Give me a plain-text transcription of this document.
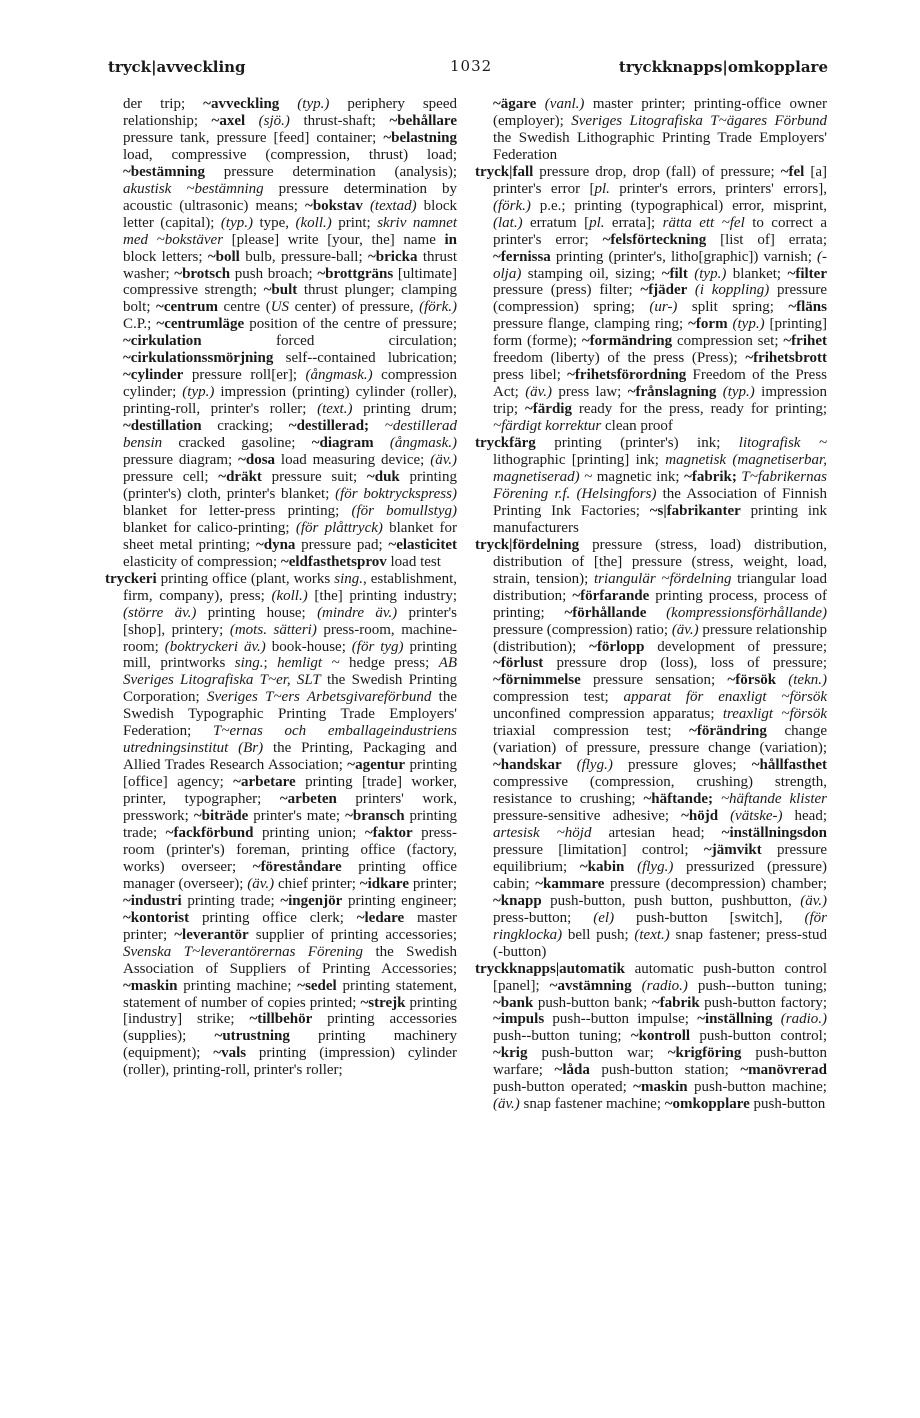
tryck|avveckling	1032	tryckknapps|omkopplare

der trip; ~avveckling (typ.) periphery speed relationship; ~axel (sjö.) thrust-shaft; ~behållare pressure tank, pressure [feed] container; ~belastning load, compressive (compression, thrust) load; ~bestämning pressure determination (analysis); akustisk ~bestämning pressure determination by acoustic (ultrasonic) means; ~bokstav (textad) block letter (capital); (typ.) type, (koll.) print; skriv namnet med ~bokstäver [please] write [your, the] name in block letters; ~boll bulb, pressure-ball; ~bricka thrust washer; ~brotsch push broach; ~brottgräns [ultimate] compressive strength; ~bult thrust plunger; clamping bolt; ~centrum centre (US center) of pressure, (förk.) C.P.; ~centrumläge position of the centre of pressure; ~cirkulation forced circulation; ~cirkulationssmörjning self--contained lubrication; ~cylinder pressure roll[er]; (ångmask.) compression cylinder; (typ.) impression (printing) cylinder (roller), printing-roll, printer's roller; (text.) printing drum; ~destillation cracking; ~destillerad; ~destillerad bensin cracked gasoline; ~diagram (ångmask.) pressure diagram; ~dosa load measuring device; (äv.) pressure cell; ~dräkt pressure suit; ~duk printing (printer's) cloth, printer's blanket; (för boktryckspress) blanket for letter-press printing; (för bomullstyg) blanket for calico-printing; (för plåttryck) blanket for sheet metal printing; ~dyna pressure pad; ~elasticitet elasticity of compression; ~eldfasthetsprov load test

tryckeri printing office (plant, works sing., establishment, firm, company), press; (koll.) [the] printing industry; (större äv.) printing house; (mindre äv.) printer's [shop], printery; (mots. sätteri) press-room, machine-room; (boktryckeri äv.) book-house; (för tyg) printing mill, printworks sing.; hemligt ~ hedge press; AB Sveriges Litografiska T~er, SLT the Swedish Printing Corporation; Sveriges T~ers Arbetsgivareförbund the Swedish Typographic Printing Trade Employers' Federation; T~ernas och emballageindustriens utredningsinstitut (Br) the Printing, Packaging and Allied Trades Research Association; ~agentur printing [office] agency; ~arbetare printing [trade] worker, printer, typographer; ~arbeten printers' work, presswork; ~biträde printer's mate; ~bransch printing trade; ~fackförbund printing union; ~faktor press-room (printer's) foreman, printing office (factory, works) overseer; ~föreståndare printing office manager (overseer); (äv.) chief printer; ~idkare printer; ~industri printing trade; ~ingenjör printing engineer; ~kontorist printing office clerk; ~ledare master printer; ~leverantör supplier of printing accessories; Svenska T~leverantörernas Förening the Swedish Association of Suppliers of Printing Accessories; ~maskin printing machine; ~sedel printing statement, statement of number of copies printed; ~strejk printing [industry] strike; ~tillbehör printing accessories (supplies); ~utrustning printing machinery (equipment); ~vals printing (impression) cylinder (roller), printing-roll, printer's roller;

~ägare (vanl.) master printer; printing-office owner (employer); Sveriges Litografiska T~ägares Förbund the Swedish Lithographic Printing Trade Employers' Federation

tryck|fall pressure drop, drop (fall) of pressure; ~fel [a] printer's error [pl. printer's errors, printers' errors], (förk.) p.e.; printing (typographical) error, misprint, (lat.) erratum [pl. errata]; rätta ett ~fel to correct a printer's error; ~felsförteckning [list of] errata; ~fernissa printing (printer's, litho[graphic]) varnish; (-olja) stamping oil, sizing; ~filt (typ.) blanket; ~filter pressure (press) filter; ~fjäder (i koppling) pressure (compression) spring; (ur-) split spring; ~fläns pressure flange, clamping ring; ~form (typ.) [printing] form (forme); ~formändring compression set; ~frihet freedom (liberty) of the press (Press); ~frihetsbrott press libel; ~frihetsförordning Freedom of the Press Act; (äv.) press law; ~frånslagning (typ.) impression trip; ~färdig ready for the press, ready for printing; ~färdigt korrektur clean proof

tryckfärg printing (printer's) ink; litografisk ~ lithographic [printing] ink; magnetisk (magnetiserbar, magnetiserad) ~ magnetic ink; ~fabrik; T~fabrikernas Förening r.f. (Helsingfors) the Association of Finnish Printing Ink Factories; ~s|fabrikanter printing ink manufacturers

tryck|fördelning pressure (stress, load) distribution, distribution of [the] pressure (stress, weight, load, strain, tension); triangulär ~fördelning triangular load distribution; ~förfarande printing process, process of printing; ~förhållande (kompressionsförhållande) pressure (compression) ratio; (äv.) pressure relationship (distribution); ~förlopp development of pressure; ~förlust pressure drop (loss), loss of pressure; ~förnimmelse pressure sensation; ~försök (tekn.) compression test; apparat för enaxligt ~försök unconfined compression apparatus; treaxligt ~försök triaxial compression test; ~förändring change (variation) of pressure, pressure change (variation); ~handskar (flyg.) pressure gloves; ~hållfasthet compressive (compression, crushing) strength, resistance to crushing; ~häftande; ~häftande klister pressure-sensitive adhesive; ~höjd (vätske-) head; artesisk ~höjd artesian head; ~inställningsdon pressure [limitation] control; ~jämvikt pressure equilibrium; ~kabin (flyg.) pressurized (pressure) cabin; ~kammare pressure (decompression) chamber; ~knapp push-button, push button, pushbutton, (äv.) press-button; (el) push-button [switch], (för ringklocka) bell push; (text.) snap fastener; press-stud (-button)

tryckknapps|automatik automatic push-button control [panel]; ~avstämning (radio.) push--button tuning; ~bank push-button bank; ~fabrik push-button factory; ~impuls push--button impulse; ~inställning (radio.) push--button tuning; ~kontroll push-button control; ~krig push-button war; ~krigföring push-button warfare; ~låda push-button station; ~manövrerad push-button operated; ~maskin push-button machine; (äv.) snap fastener machine; ~omkopplare push-button
